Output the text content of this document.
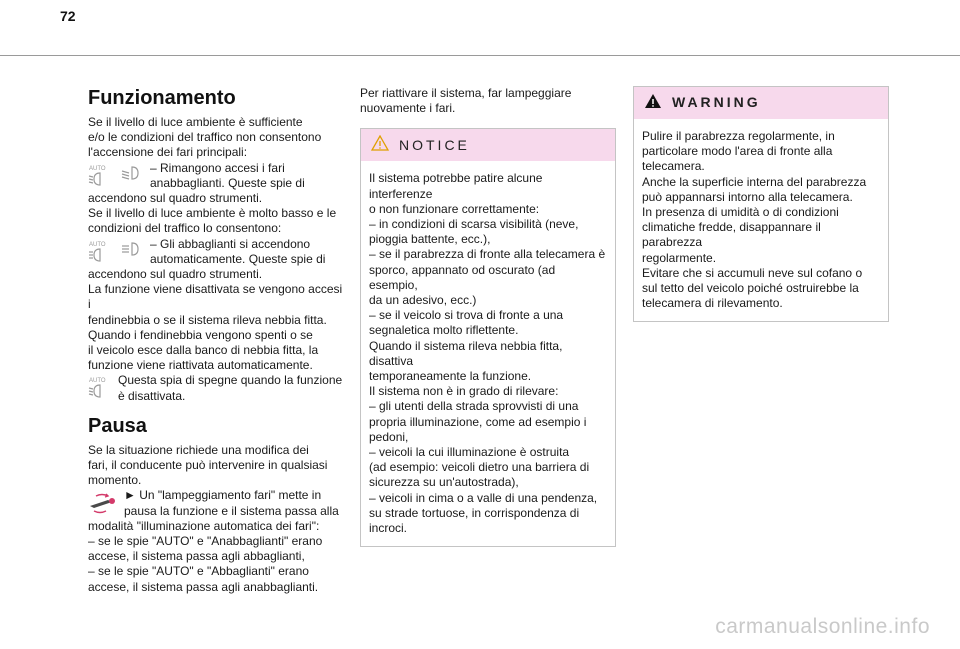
72
Funzionamento

Se il livello di luce ambiente è sufficiente
e/o le condizioni del traffico non consentono
l'accensione dei fari principali:

AUTO	– Rimangono accesi i fari
anabbaglianti. Queste spie di
accendono sul quadro strumenti.

Se il livello di luce ambiente è molto basso e le
condizioni del traffico lo consentono:

AUTO	– Gli abbaglianti si accendono
automaticamente. Queste spie di
accendono sul quadro strumenti.

La funzione viene disattivata se vengono accesi i
fendinebbia o se il sistema rileva nebbia fitta.
Quando i fendinebbia vengono spenti o se
il veicolo esce dalla banco di nebbia fitta, la
funzione viene riattivata automaticamente.

AUTO	Questa spia di spegne quando la funzione
è disattivata.

Pausa

Se la situazione richiede una modifica dei
fari, il conducente può intervenire in qualsiasi
momento.

► Un "lampeggiamento fari" mette in
pausa la funzione e il sistema passa alla
modalità "illuminazione automatica dei fari":
– se le spie "AUTO" e "Anabbaglianti" erano
accese, il sistema passa agli abbaglianti,
– se le spie "AUTO" e "Abbaglianti" erano
accese, il sistema passa agli anabbaglianti.

Per riattivare il sistema, far lampeggiare
nuovamente i fari.

NOTICE
Il sistema potrebbe patire alcune interferenze
o non funzionare correttamente:
– in condizioni di scarsa visibilità (neve,
pioggia battente, ecc.),
– se il parabrezza di fronte alla telecamera è
sporco, appannato od oscurato (ad esempio,
da un adesivo, ecc.)
– se il veicolo si trova di fronte a una
segnaletica molto riflettente.
Quando il sistema rileva nebbia fitta, disattiva
temporaneamente la funzione.
Il sistema non è in grado di rilevare:
– gli utenti della strada sprovvisti di una
propria illuminazione, come ad esempio i
pedoni,
– veicoli la cui illuminazione è ostruita
(ad esempio: veicoli dietro una barriera di
sicurezza su un'autostrada),
– veicoli in cima o a valle di una pendenza,
su strade tortuose, in corrispondenza di
incroci.
WARNING
Pulire il parabrezza regolarmente, in
particolare modo l'area di fronte alla
telecamera.
Anche la superficie interna del parabrezza
può appannarsi intorno alla telecamera.
In presenza di umidità o di condizioni
climatiche fredde, disappannare il parabrezza
regolarmente.
Evitare che si accumuli neve sul cofano o
sul tetto del veicolo poiché ostruirebbe la
telecamera di rilevamento.
carmanualsonline.info
